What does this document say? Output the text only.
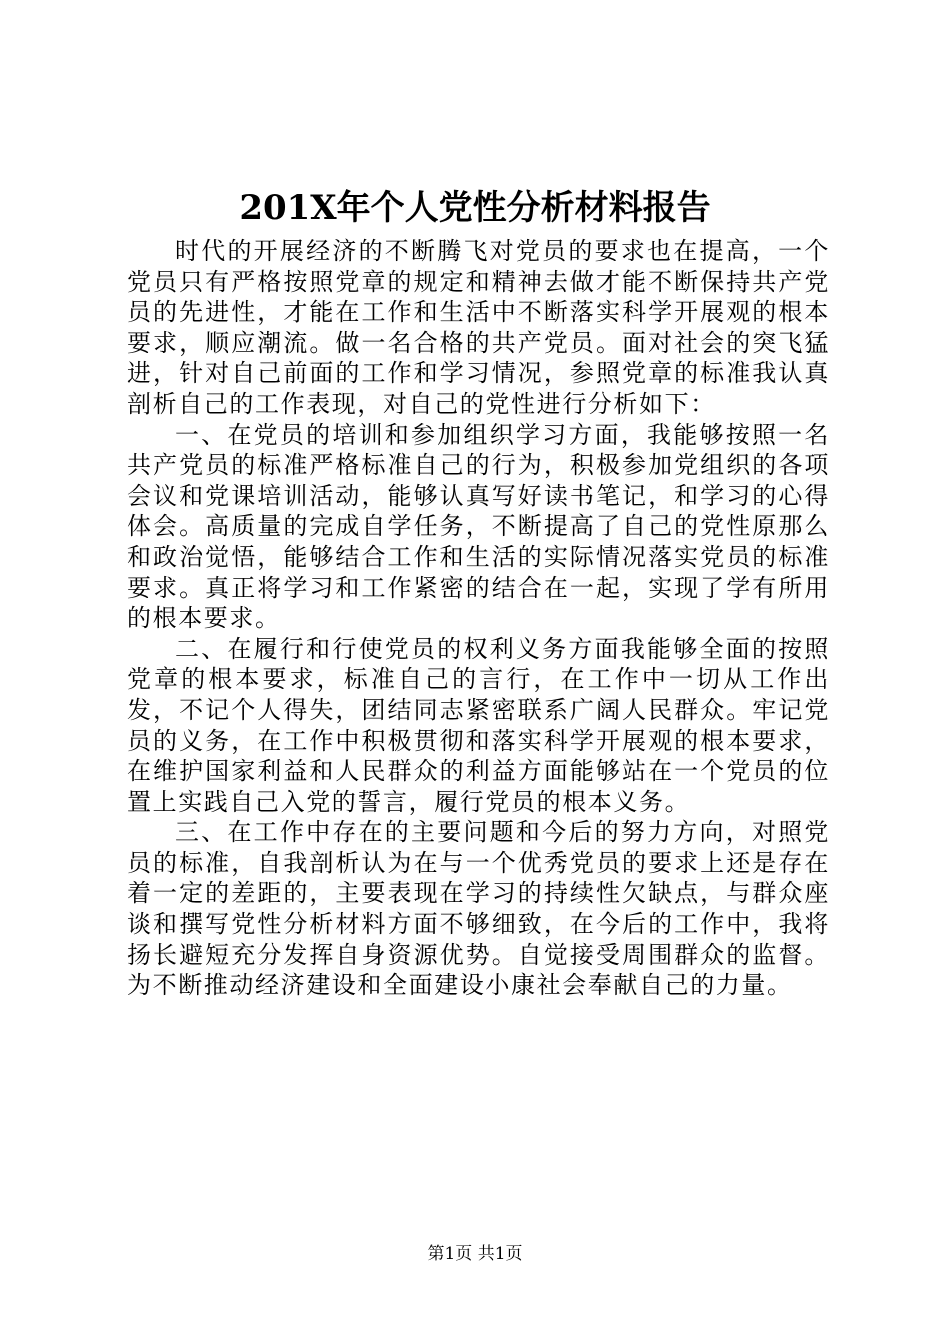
201X年个人党性分析材料报告

时代的开展经济的不断腾飞对党员的要求也在提高，一个党员只有严格按照党章的规定和精神去做才能不断保持共产党员的先进性，才能在工作和生活中不断落实科学开展观的根本要求，顺应潮流。做一名合格的共产党员。面对社会的突飞猛进，针对自己前面的工作和学习情况，参照党章的标准我认真剖析自己的工作表现，对自己的党性进行分析如下：

一、在党员的培训和参加组织学习方面，我能够按照一名共产党员的标准严格标准自己的行为，积极参加党组织的各项会议和党课培训活动，能够认真写好读书笔记，和学习的心得体会。高质量的完成自学任务，不断提高了自己的党性原那么和政治觉悟，能够结合工作和生活的实际情况落实党员的标准要求。真正将学习和工作紧密的结合在一起，实现了学有所用的根本要求。

二、在履行和行使党员的权利义务方面我能够全面的按照党章的根本要求，标准自己的言行，在工作中一切从工作出发，不记个人得失，团结同志紧密联系广阔人民群众。牢记党员的义务，在工作中积极贯彻和落实科学开展观的根本要求，在维护国家利益和人民群众的利益方面能够站在一个党员的位置上实践自己入党的誓言，履行党员的根本义务。

三、在工作中存在的主要问题和今后的努力方向，对照党员的标准，自我剖析认为在与一个优秀党员的要求上还是存在着一定的差距的，主要表现在学习的持续性欠缺点，与群众座谈和撰写党性分析材料方面不够细致，在今后的工作中，我将扬长避短充分发挥自身资源优势。自觉接受周围群众的监督。为不断推动经济建设和全面建设小康社会奉献自己的力量。

第1页 共1页
